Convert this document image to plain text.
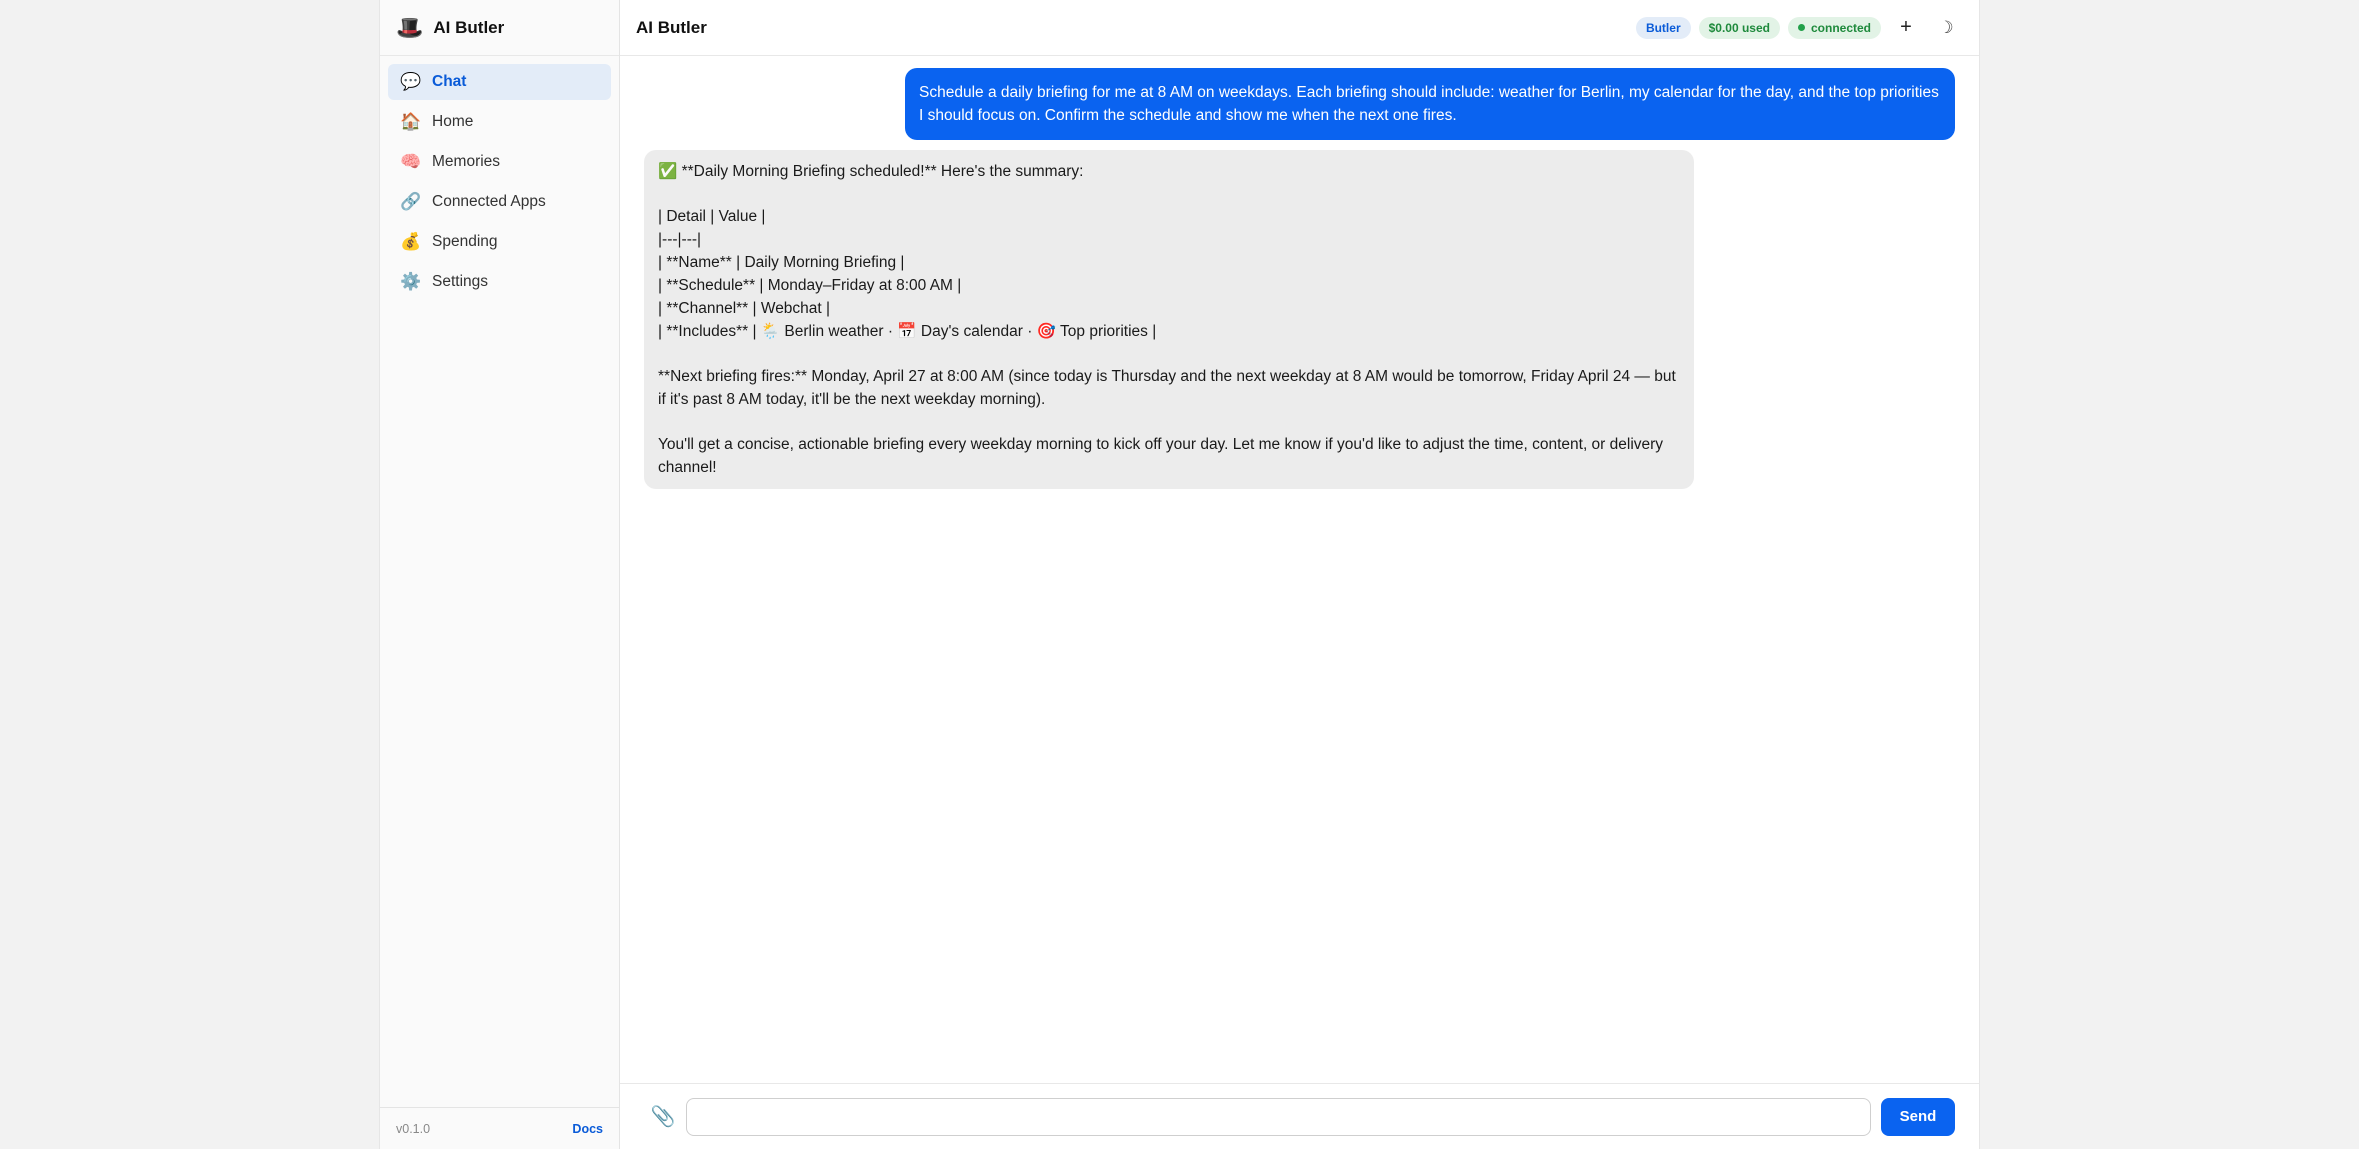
🎩 AI Butler
💬 Chat
🏠 Home
🧠 Memories
🔗 Connected Apps
💰 Spending
⚙️ Settings
v0.1.0	Docs
AI Butler	Butler	$0.00 used	connected	+	☽
Schedule a daily briefing for me at 8 AM on weekdays. Each briefing should include: weather for Berlin, my calendar for the day, and the top priorities I should focus on. Confirm the schedule and show me when the next one fires.
✅ **Daily Morning Briefing scheduled!** Here's the summary:
| Detail | Value |
|---|---|
| **Name** | Daily Morning Briefing |
| **Schedule** | Monday–Friday at 8:00 AM |
| **Channel** | Webchat |
| **Includes** | 🌦️ Berlin weather · 📅 Day's calendar · 🎯 Top priorities |
**Next briefing fires:** Monday, April 27 at 8:00 AM (since today is Thursday and the next weekday at 8 AM would be tomorrow, Friday April 24 — but if it's past 8 AM today, it'll be the next weekday morning).
You'll get a concise, actionable briefing every weekday morning to kick off your day. Let me know if you'd like to adjust the time, content, or delivery channel!
📎	Send
